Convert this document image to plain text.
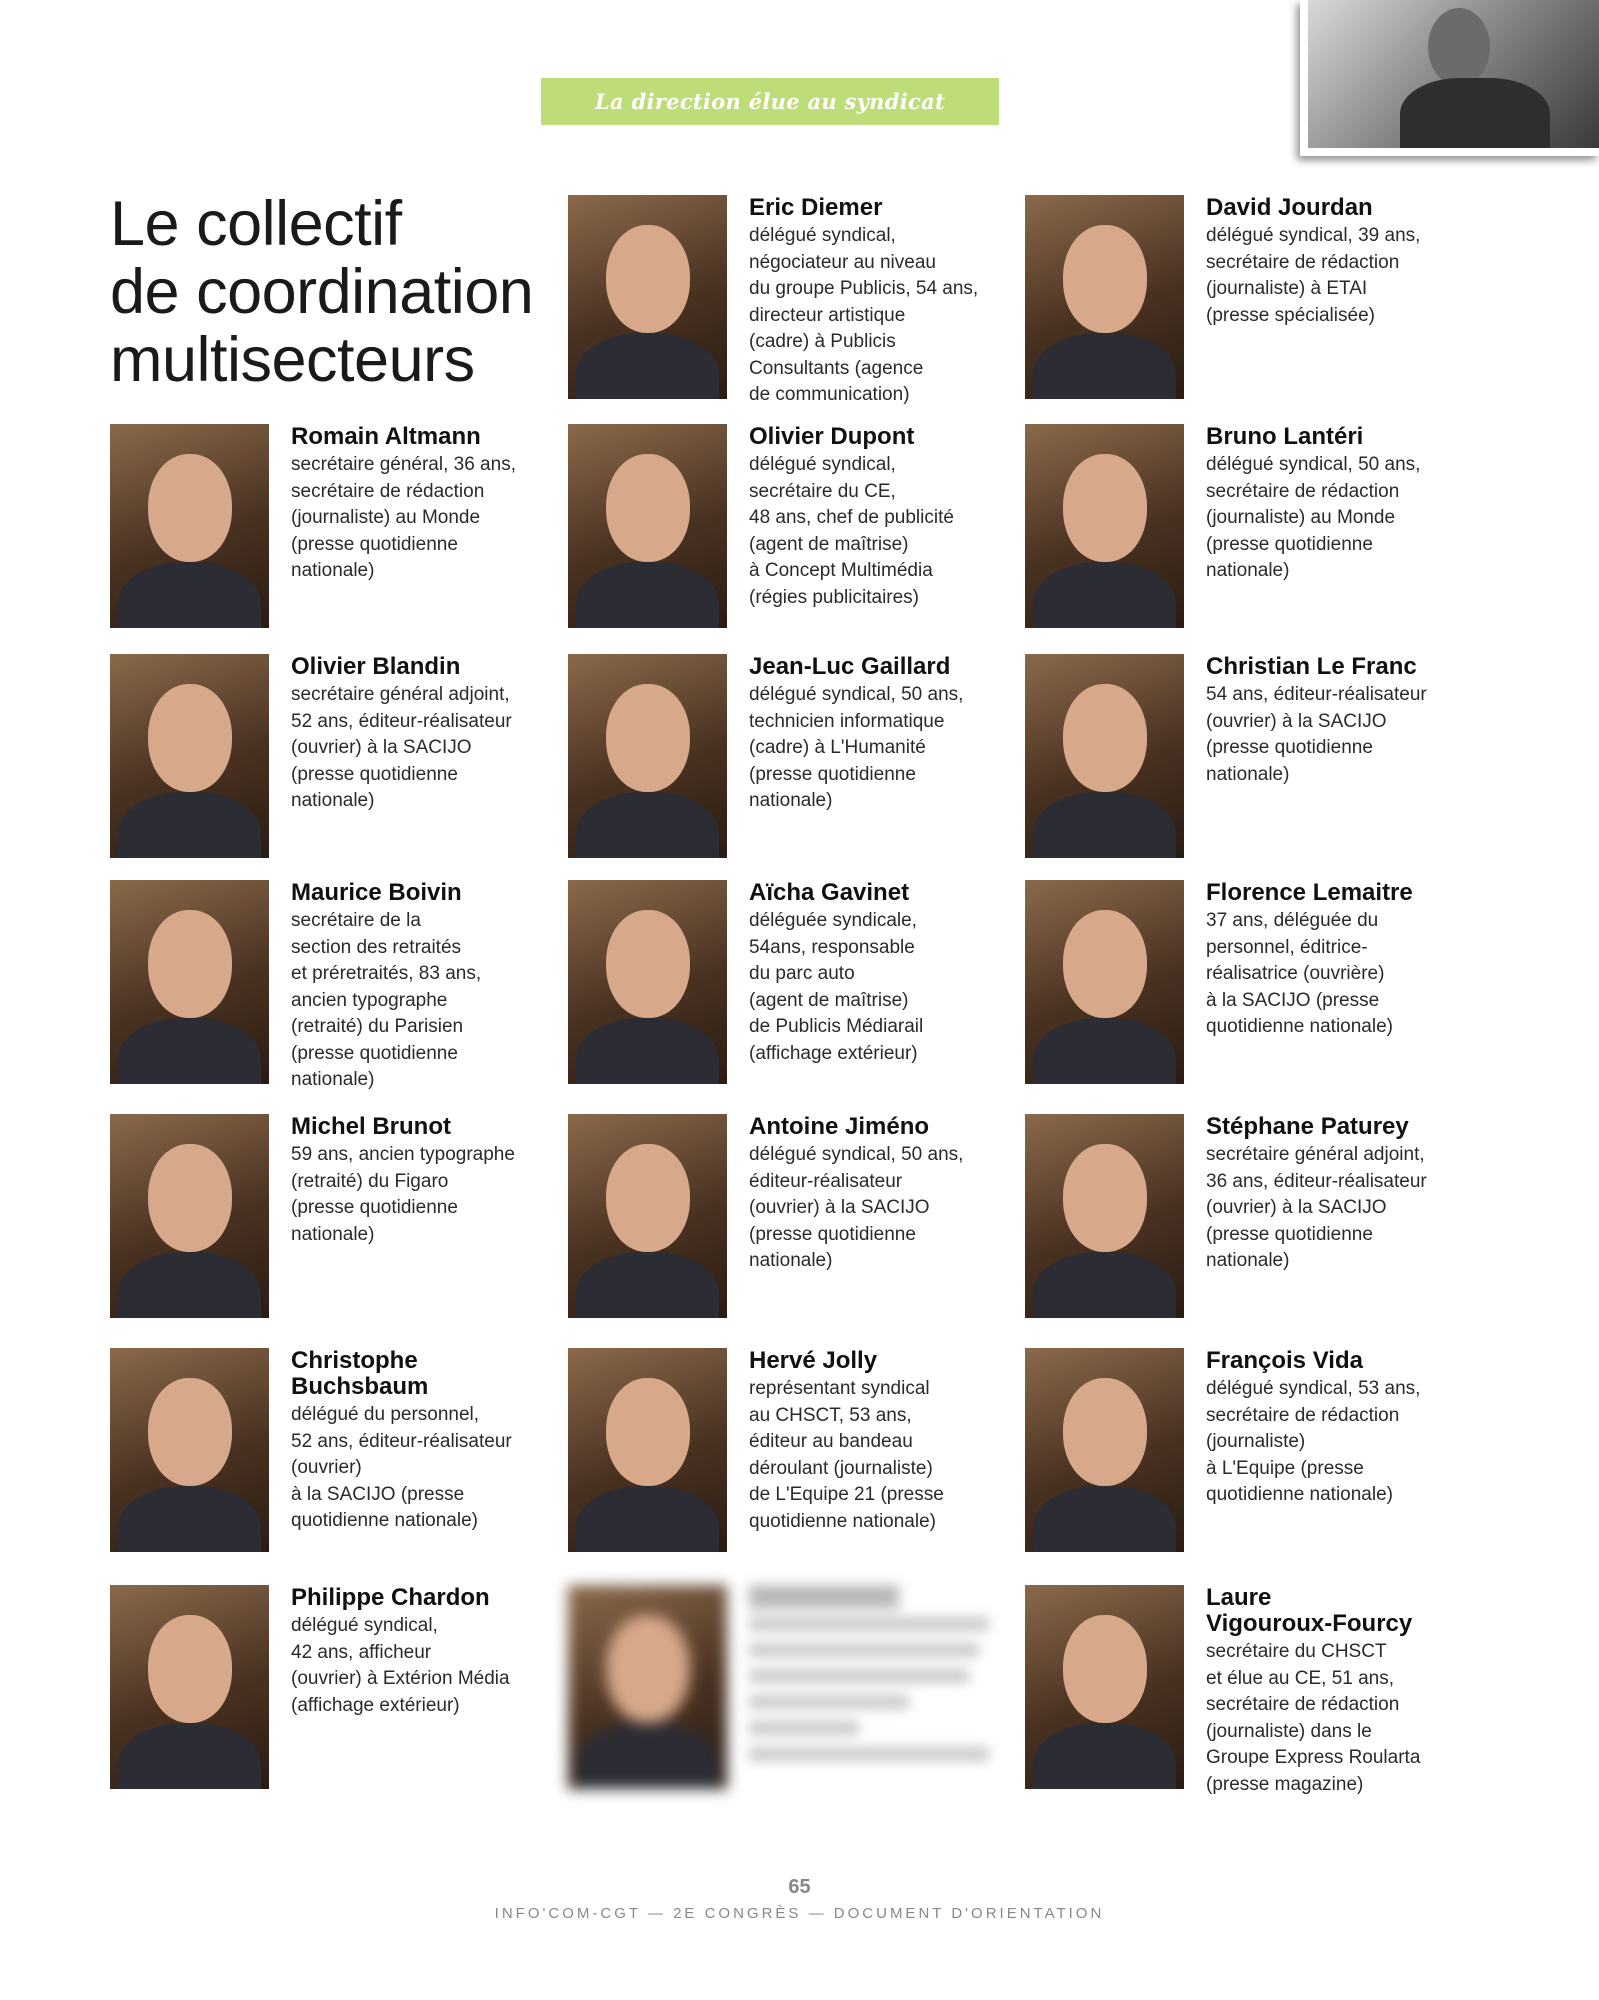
La direction élue au syndicat
Le collectif
de coordination
multisecteurs
Eric Diemer
délégué syndical,
négociateur au niveau
du groupe Publicis, 54 ans,
directeur artistique
(cadre) à Publicis
Consultants (agence
de communication)
David Jourdan
délégué syndical, 39 ans,
secrétaire de rédaction
(journaliste) à ETAI
(presse spécialisée)
Romain Altmann
secrétaire général, 36 ans,
secrétaire de rédaction
(journaliste) au Monde
(presse quotidienne
nationale)
Olivier Dupont
délégué syndical,
secrétaire du CE,
48 ans, chef de publicité
(agent de maîtrise)
à Concept Multimédia
(régies publicitaires)
Bruno Lantéri
délégué syndical, 50 ans,
secrétaire de rédaction
(journaliste) au Monde
(presse quotidienne
nationale)
Olivier Blandin
secrétaire général adjoint,
52 ans, éditeur-réalisateur
(ouvrier) à la SACIJO
(presse quotidienne
nationale)
Jean-Luc Gaillard
délégué syndical, 50 ans,
technicien informatique
(cadre) à L'Humanité
(presse quotidienne
nationale)
Christian Le Franc
54 ans, éditeur-réalisateur
(ouvrier) à la SACIJO
(presse quotidienne
nationale)
Maurice Boivin
secrétaire de la
section des retraités
et préretraités, 83 ans,
ancien typographe
(retraité) du Parisien
(presse quotidienne
nationale)
Aïcha Gavinet
déléguée syndicale,
54ans, responsable
du parc auto
(agent de maîtrise)
de Publicis Médiarail
(affichage extérieur)
Florence Lemaitre
37 ans, déléguée du
personnel, éditrice-
réalisatrice (ouvrière)
à la SACIJO (presse
quotidienne nationale)
Michel Brunot
59 ans, ancien typographe
(retraité) du Figaro
(presse quotidienne
nationale)
Antoine Jiméno
délégué syndical, 50 ans,
éditeur-réalisateur
(ouvrier) à la SACIJO
(presse quotidienne
nationale)
Stéphane Paturey
secrétaire général adjoint,
36 ans, éditeur-réalisateur
(ouvrier) à la SACIJO
(presse quotidienne
nationale)
Christophe
Buchsbaum
délégué du personnel,
52 ans, éditeur-réalisateur
(ouvrier)
à la SACIJO (presse
quotidienne nationale)
Hervé Jolly
représentant syndical
au CHSCT, 53 ans,
éditeur au bandeau
déroulant (journaliste)
de L'Equipe 21 (presse
quotidienne nationale)
François Vida
délégué syndical, 53 ans,
secrétaire de rédaction
(journaliste)
à L'Equipe (presse
quotidienne nationale)
Philippe Chardon
délégué syndical,
42 ans, afficheur
(ouvrier) à Extérion Média
(affichage extérieur)
Laure
Vigouroux-Fourcy
secrétaire du CHSCT
et élue au CE, 51 ans,
secrétaire de rédaction
(journaliste) dans le
Groupe Express Roularta
(presse magazine)
65
INFO'COM-CGT — 2E CONGRÈS — DOCUMENT D'ORIENTATION
